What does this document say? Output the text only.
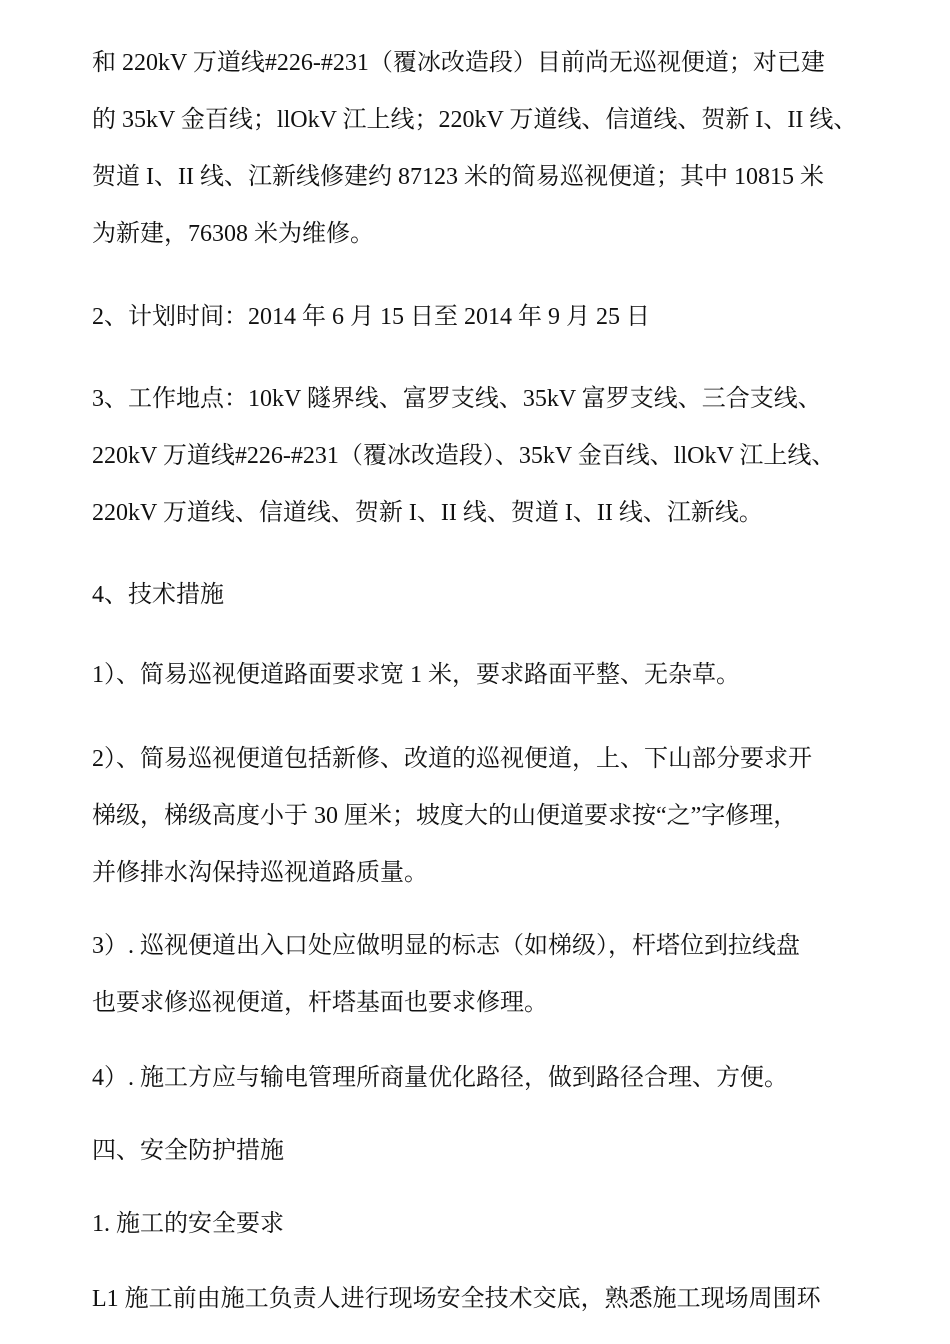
和 220kV 万道线#226-#231（覆冰改造段）目前尚无巡视便道；对已建
的 35kV 金百线；llOkV 江上线；220kV 万道线、信道线、贺新 I、II 线、
贺道 I、II 线、江新线修建约 87123 米的简易巡视便道；其中 10815 米
为新建，76308 米为维修。
2、计划时间：2014 年 6 月 15 日至 2014 年 9 月 25 日
3、工作地点：10kV 隧界线、富罗支线、35kV 富罗支线、三合支线、
220kV 万道线#226-#231（覆冰改造段）、35kV 金百线、llOkV 江上线、
220kV 万道线、信道线、贺新 I、II 线、贺道 I、II 线、江新线。
4、技术措施
1）、简易巡视便道路面要求宽 1 米，要求路面平整、无杂草。
2）、简易巡视便道包括新修、改道的巡视便道，上、下山部分要求开
梯级，梯级高度小于 30 厘米；坡度大的山便道要求按“之”字修理，
并修排水沟保持巡视道路质量。
3）. 巡视便道出入口处应做明显的标志（如梯级），杆塔位到拉线盘
也要求修巡视便道，杆塔基面也要求修理。
4）. 施工方应与输电管理所商量优化路径，做到路径合理、方便。
四、安全防护措施
1. 施工的安全要求
L1 施工前由施工负责人进行现场安全技术交底，熟悉施工现场周围环
